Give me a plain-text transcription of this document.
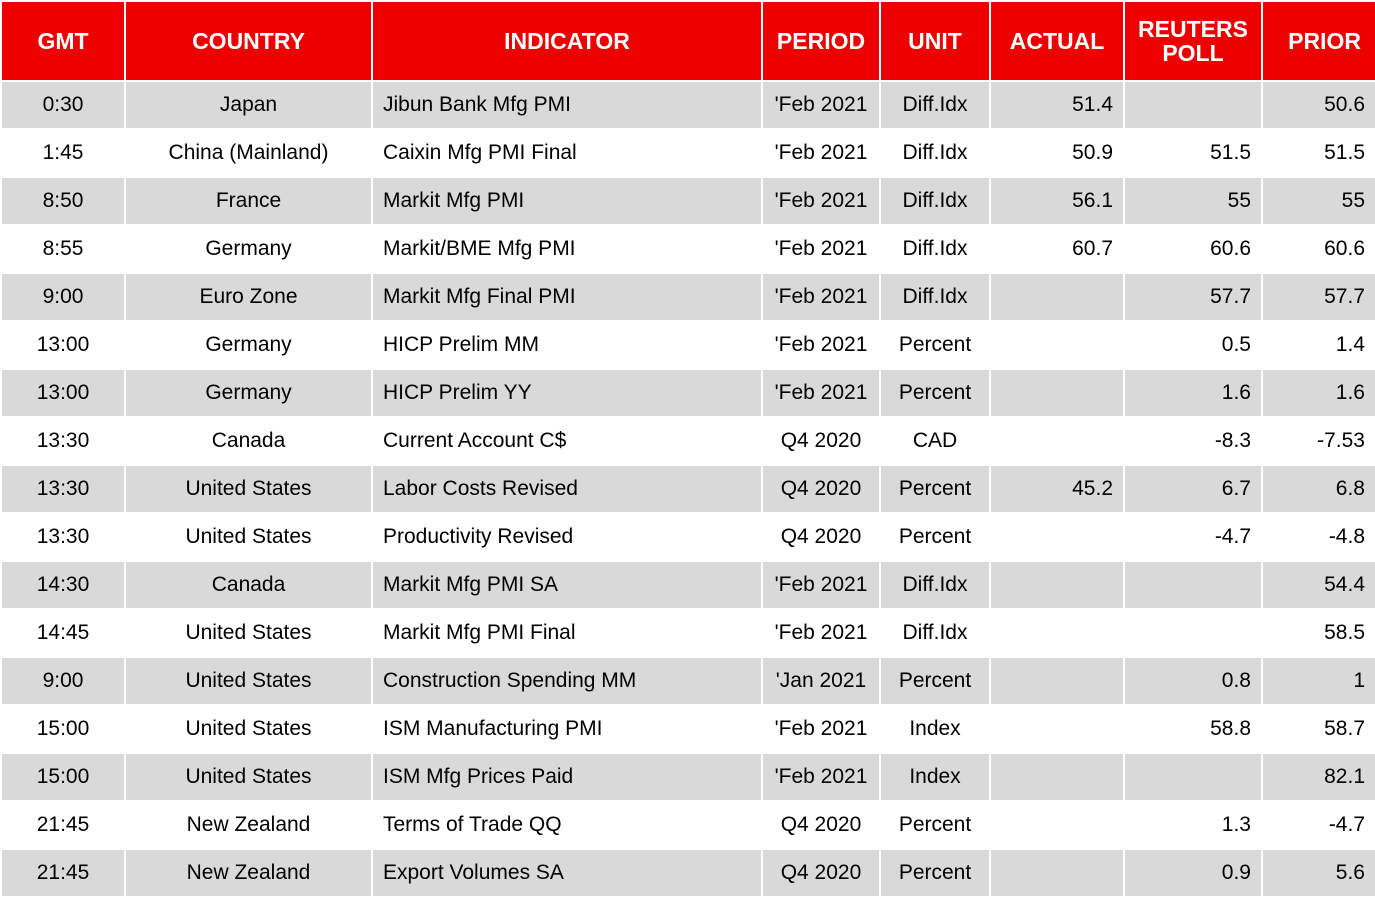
GMT	COUNTRY	INDICATOR	PERIOD	UNIT	ACTUAL	REUTERS POLL	PRIOR
0:30	Japan	Jibun Bank Mfg PMI	'Feb 2021	Diff.Idx	51.4		50.6
1:45	China (Mainland)	Caixin Mfg PMI Final	'Feb 2021	Diff.Idx	50.9	51.5	51.5
8:50	France	Markit Mfg PMI	'Feb 2021	Diff.Idx	56.1	55	55
8:55	Germany	Markit/BME Mfg PMI	'Feb 2021	Diff.Idx	60.7	60.6	60.6
9:00	Euro Zone	Markit Mfg Final PMI	'Feb 2021	Diff.Idx		57.7	57.7
13:00	Germany	HICP Prelim MM	'Feb 2021	Percent		0.5	1.4
13:00	Germany	HICP Prelim YY	'Feb 2021	Percent		1.6	1.6
13:30	Canada	Current Account C$	Q4 2020	CAD		-8.3	-7.53
13:30	United States	Labor Costs Revised	Q4 2020	Percent	45.2	6.7	6.8
13:30	United States	Productivity Revised	Q4 2020	Percent		-4.7	-4.8
14:30	Canada	Markit Mfg PMI SA	'Feb 2021	Diff.Idx			54.4
14:45	United States	Markit Mfg PMI Final	'Feb 2021	Diff.Idx			58.5
9:00	United States	Construction Spending MM	'Jan 2021	Percent		0.8	1
15:00	United States	ISM Manufacturing PMI	'Feb 2021	Index		58.8	58.7
15:00	United States	ISM Mfg Prices Paid	'Feb 2021	Index			82.1
21:45	New Zealand	Terms of Trade QQ	Q4 2020	Percent		1.3	-4.7
21:45	New Zealand	Export Volumes SA	Q4 2020	Percent		0.9	5.6
